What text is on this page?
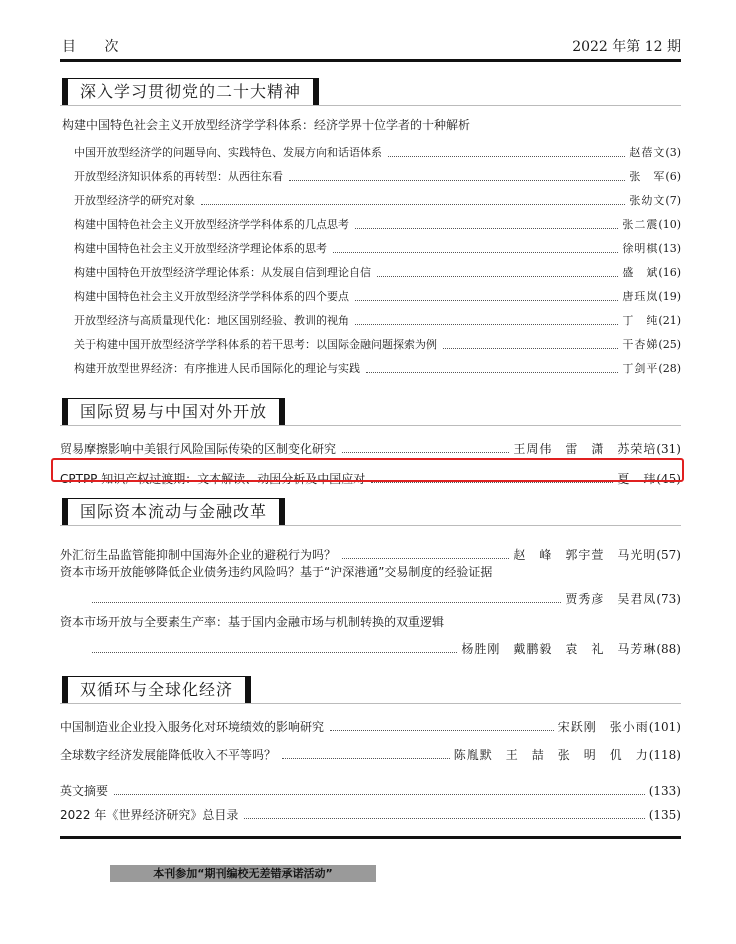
目 次	2022 年第 12 期
深入学习贯彻党的二十大精神
构建中国特色社会主义开放型经济学学科体系：经济学界十位学者的十种解析
中国开放型经济学的问题导向、实践特色、发展方向和话语体系	赵蓓文 (3)
开放型经济知识体系的再转型：从西往东看	张　军 (6)
开放型经济学的研究对象	张幼文 (7)
构建中国特色社会主义开放型经济学学科体系的几点思考	张二震 (10)
构建中国特色社会主义开放型经济学理论体系的思考	徐明棋 (13)
构建中国特色开放型经济学理论体系：从发展自信到理论自信	盛　斌 (16)
构建中国特色社会主义开放型经济学学科体系的四个要点	唐珏岚 (19)
开放型经济与高质量现代化：地区国别经验、教训的视角	丁　纯 (21)
关于构建中国开放型经济学学科体系的若干思考：以国际金融问题探索为例	干杏娣 (25)
构建开放型世界经济：有序推进人民币国际化的理论与实践	丁剑平 (28)
国际贸易与中国对外开放
贸易摩擦影响中美银行风险国际传染的区制变化研究	王周伟　雷　潇　苏荣培 (31)
CPTPP 知识产权过渡期：文本解读、动因分析及中国应对	夏　玮 (45)
国际资本流动与金融改革
外汇衍生品监管能抑制中国海外企业的避税行为吗？	赵　峰　郭宇萱　马光明 (57)
资本市场开放能够降低企业债务违约风险吗？基于“沪深港通”交易制度的经验证据
贾秀彦　吴君凤 (73)
资本市场开放与全要素生产率：基于国内金融市场与机制转换的双重逻辑
杨胜刚　戴鹏毅　袁　礼　马芳琳 (88)
双循环与全球化经济
中国制造业企业投入服务化对环境绩效的影响研究	宋跃刚　张小雨 (101)
全球数字经济发展能降低收入不平等吗？	陈胤默　王　喆　张　明　仉　力 (118)
英文摘要	(133)
2022 年《世界经济研究》总目录	(135)
本刊参加“期刊编校无差错承诺活动”
